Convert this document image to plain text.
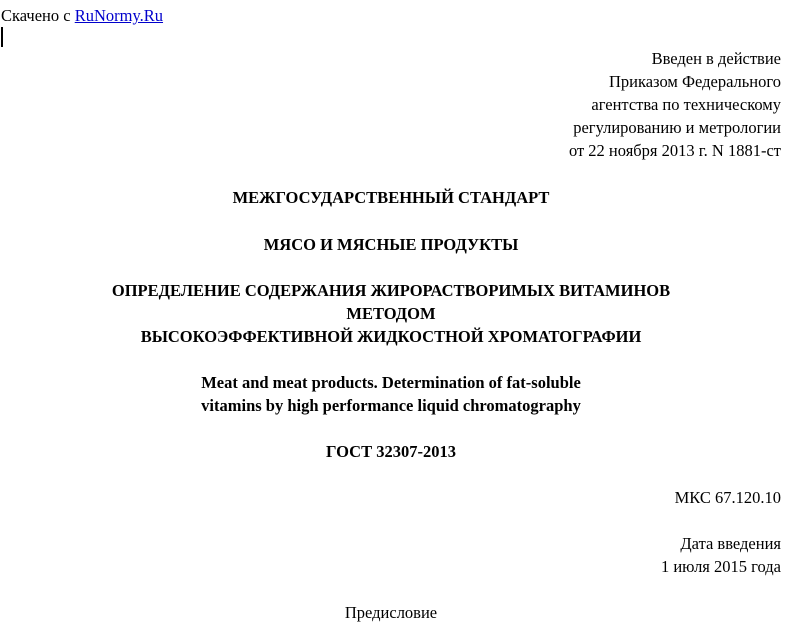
Скачено с RuNormy.Ru
Введен в действие
Приказом Федерального
агентства по техническому
регулированию и метрологии
от 22 ноября 2013 г. N 1881-ст
МЕЖГОСУДАРСТВЕННЫЙ СТАНДАРТ
МЯСО И МЯСНЫЕ ПРОДУКТЫ
ОПРЕДЕЛЕНИЕ СОДЕРЖАНИЯ ЖИРОРАСТВОРИМЫХ ВИТАМИНОВ
МЕТОДОМ
ВЫСОКОЭФФЕКТИВНОЙ ЖИДКОСТНОЙ ХРОМАТОГРАФИИ
Meat and meat products. Determination of fat-soluble
vitamins by high performance liquid chromatography
ГОСТ 32307-2013
МКС 67.120.10
Дата введения
1 июля 2015 года
Предисловие
